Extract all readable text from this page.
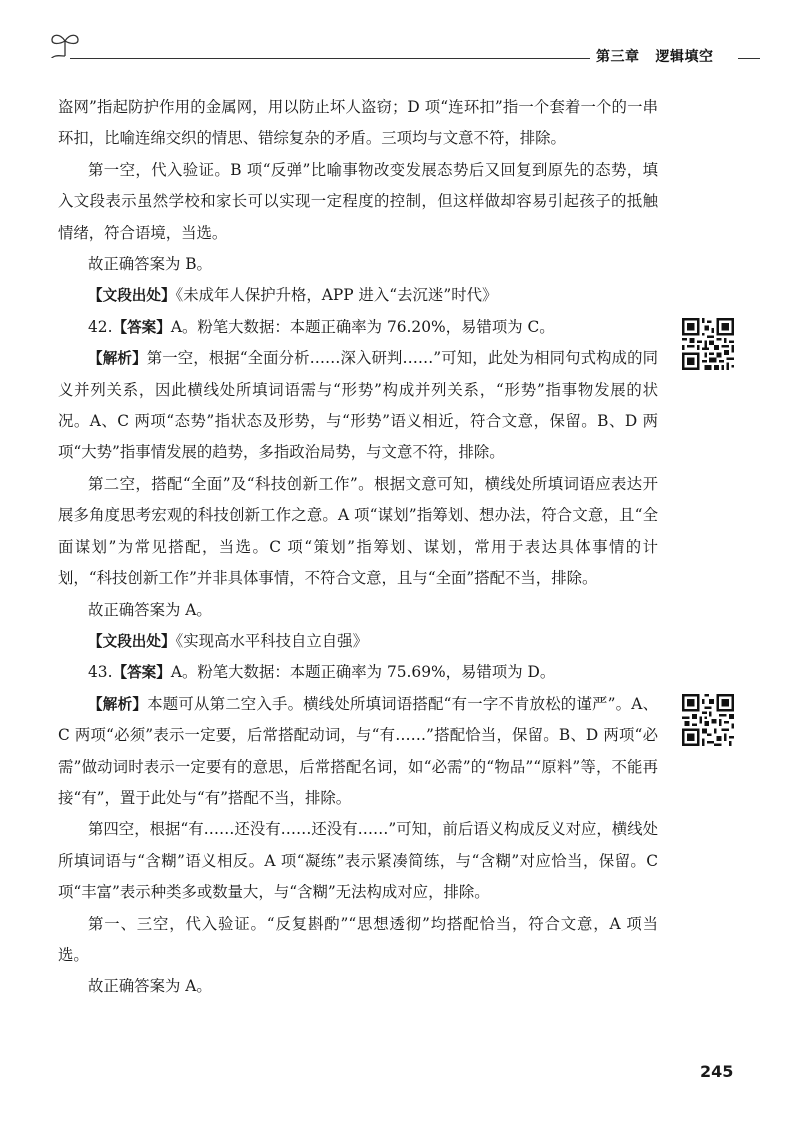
第三章 逻辑填空

盗网”指起防护作用的金属网，用以防止坏人盗窃；D 项“连环扣”指一个套着一个的一串环扣，比喻连绵交织的情思、错综复杂的矛盾。三项均与文意不符，排除。

第一空，代入验证。B 项“反弹”比喻事物改变发展态势后又回复到原先的态势，填入文段表示虽然学校和家长可以实现一定程度的控制，但这样做却容易引起孩子的抵触情绪，符合语境，当选。

故正确答案为 B。

【文段出处】《未成年人保护升格，APP 进入“去沉迷”时代》

42.【答案】A。粉笔大数据：本题正确率为 76.20%，易错项为 C。

【解析】第一空，根据“全面分析……深入研判……”可知，此处为相同句式构成的同义并列关系，因此横线处所填词语需与“形势”构成并列关系，“形势”指事物发展的状况。A、C 两项“态势”指状态及形势，与“形势”语义相近，符合文意，保留。B、D 两项“大势”指事情发展的趋势，多指政治局势，与文意不符，排除。

第二空，搭配“全面”及“科技创新工作”。根据文意可知，横线处所填词语应表达开展多角度思考宏观的科技创新工作之意。A 项“谋划”指筹划、想办法，符合文意，且“全面谋划”为常见搭配，当选。C 项“策划”指筹划、谋划，常用于表达具体事情的计划，“科技创新工作”并非具体事情，不符合文意，且与“全面”搭配不当，排除。

故正确答案为 A。

【文段出处】《实现高水平科技自立自强》

43.【答案】A。粉笔大数据：本题正确率为 75.69%，易错项为 D。

【解析】本题可从第二空入手。横线处所填词语搭配“有一字不肯放松的谨严”。A、C 两项“必须”表示一定要，后常搭配动词，与“有……”搭配恰当，保留。B、D 两项“必需”做动词时表示一定要有的意思，后常搭配名词，如“必需”的“物品”“原料”等，不能再接“有”，置于此处与“有”搭配不当，排除。

第四空，根据“有……还没有……还没有……”可知，前后语义构成反义对应，横线处所填词语与“含糊”语义相反。A 项“凝练”表示紧凑简练，与“含糊”对应恰当，保留。C 项“丰富”表示种类多或数量大，与“含糊”无法构成对应，排除。

第一、三空，代入验证。“反复斟酌”“思想透彻”均搭配恰当，符合文意，A 项当选。

故正确答案为 A。

245
